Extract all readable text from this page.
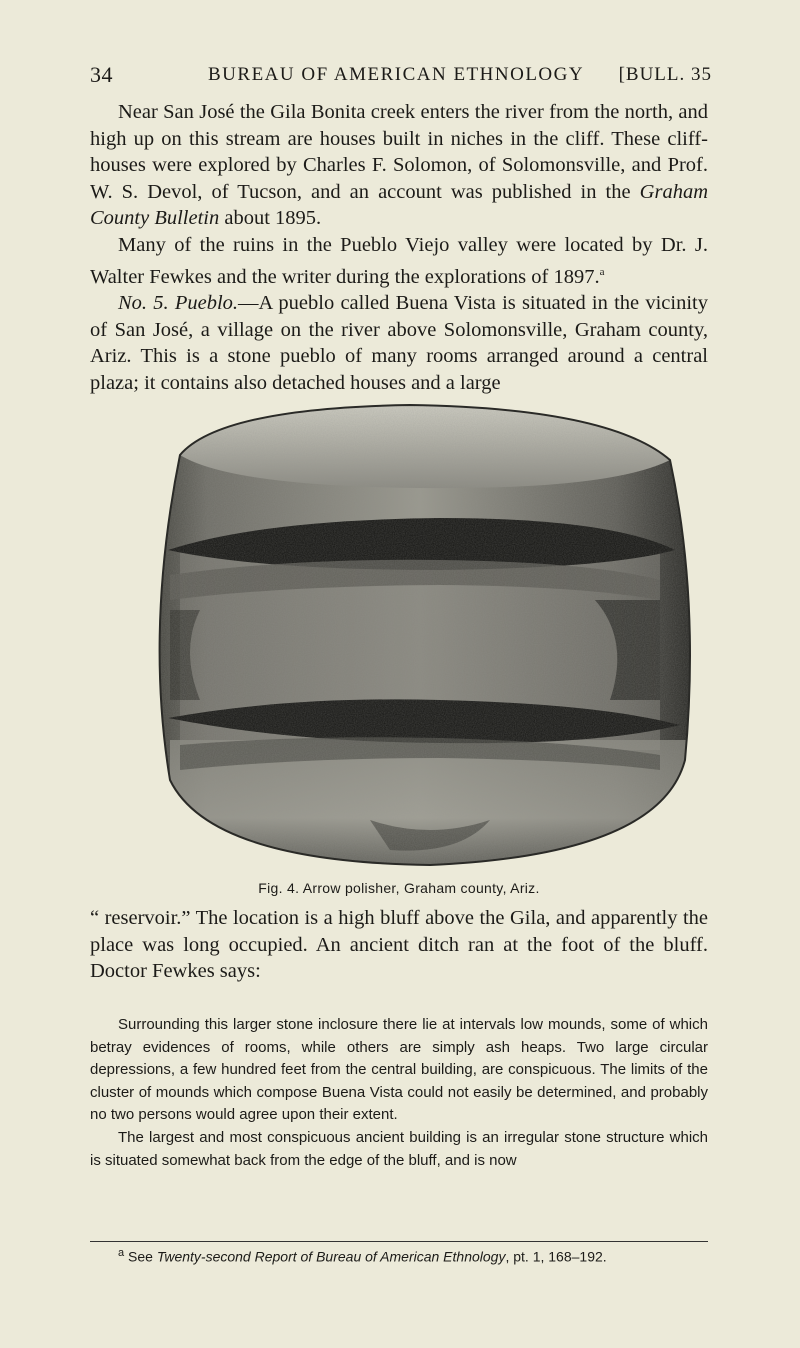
34	BUREAU OF AMERICAN ETHNOLOGY [BULL. 35

Near San José the Gila Bonita creek enters the river from the north, and high up on this stream are houses built in niches in the cliff. These cliff-houses were explored by Charles F. Solomon, of Solomonsville, and Prof. W. S. Devol, of Tucson, and an account was published in the Graham County Bulletin about 1895.

Many of the ruins in the Pueblo Viejo valley were located by Dr. J. Walter Fewkes and the writer during the explorations of 1897.$^a$

No. 5. Pueblo.—A pueblo called Buena Vista is situated in the vicinity of San José, a village on the river above Solomonsville, Graham county, Ariz. This is a stone pueblo of many rooms arranged around a central plaza; it contains also detached houses and a large

Fig. 4. Arrow polisher, Graham county, Ariz.

“ reservoir.” The location is a high bluff above the Gila, and apparently the place was long occupied. An ancient ditch ran at the foot of the bluff. Doctor Fewkes says:

Surrounding this larger stone inclosure there lie at intervals low mounds, some of which betray evidences of rooms, while others are simply ash heaps. Two large circular depressions, a few hundred feet from the central building, are conspicuous. The limits of the cluster of mounds which compose Buena Vista could not easily be determined, and probably no two persons would agree upon their extent.

The largest and most conspicuous ancient building is an irregular stone structure which is situated somewhat back from the edge of the bluff, and is now

$^a$ See Twenty-second Report of Bureau of American Ethnology, pt. 1, 168–192.
